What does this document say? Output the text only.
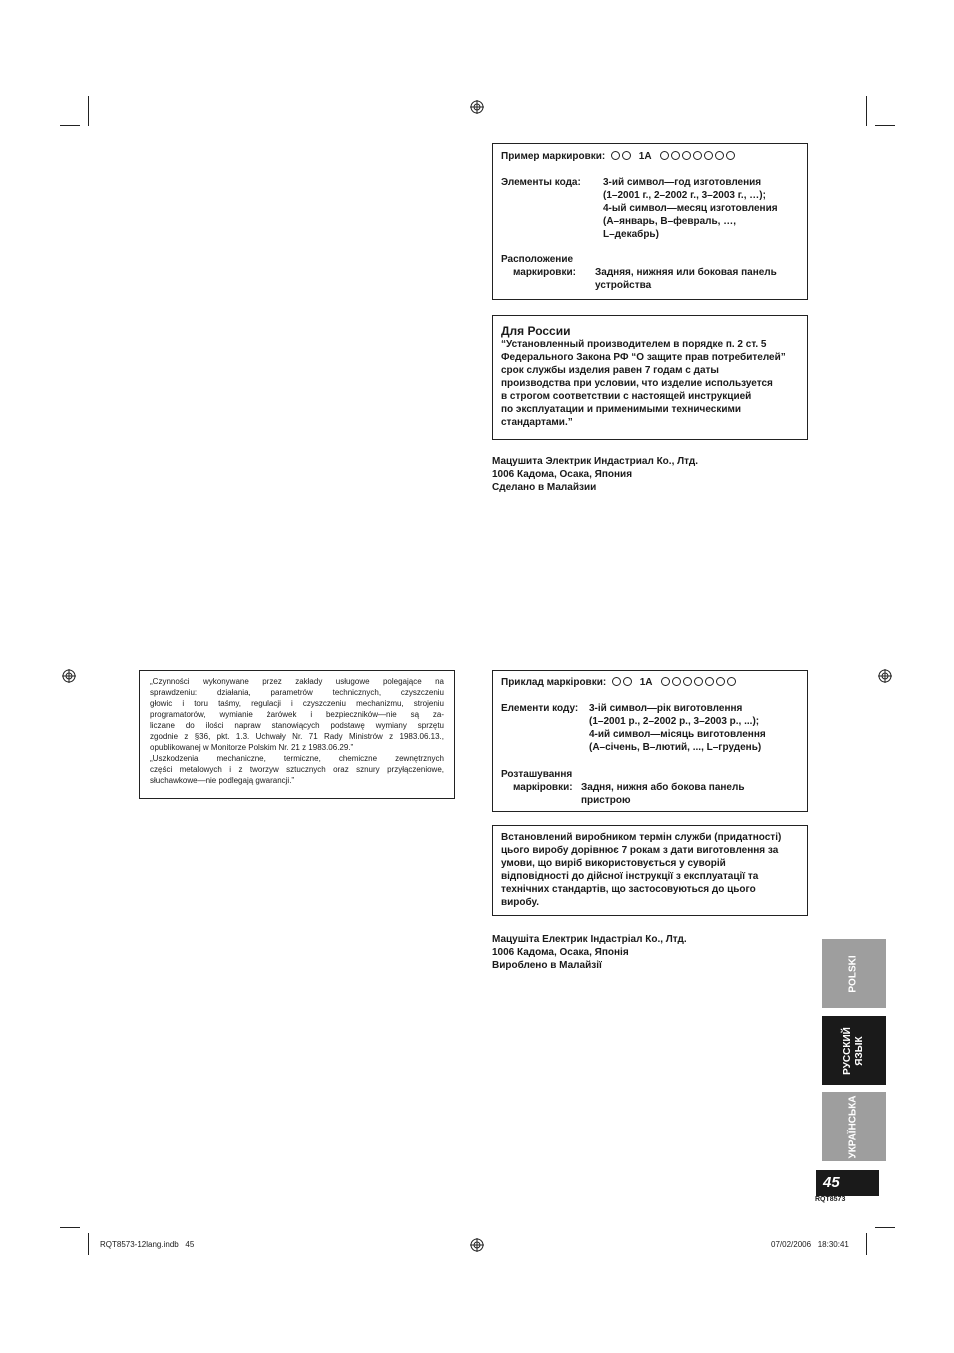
Пример маркировки:	1A
Элементы кода: 3-ий символ—год изготовления
(1–2001 г., 2–2002 г., 3–2003 г., …);
4-ый символ—месяц изготовления
(A–январь, B–февраль, …,
L–декабрь)
Расположение
маркировки: Задняя, нижняя или боковая панель
устройства
Для России
“Установленный производителем в порядке п. 2 ст. 5
Федерального Закона РФ “О защите прав потребителей”
срок службы изделия равен 7 годам с даты
производства при условии, что изделие используется
в строгом соответствии с настоящей инструкцией
по эксплуатации и применимыми техническими
стандартами.”
Мацушита Электрик Индастриал Ко., Лтд.
1006 Кадома, Осака, Япония
Сделано в Малайзии
„Czynności wykonywane przez zakłady usługowe polegające na
sprawdzeniu: działania, parametrów technicznych, czyszczeniu
głowic i toru taśmy, regulacji i czyszczeniu mechanizmu, strojeniu
programatorów, wymianie żarówek i bezpieczników—nie są za-
liczane do ilości napraw stanowiących podstawę wymiany sprzętu
zgodnie z §36, pkt. 1.3. Uchwały Nr. 71 Rady Ministrów z 1983.06.13.,
opublikowanej w Monitorze Polskim Nr. 21 z 1983.06.29.”
„Uszkodzenia mechaniczne, termiczne, chemiczne zewnętrznych
części metalowych i z tworzyw sztucznych oraz sznury przyłączeniowe,
słuchawkowe—nie podlegają gwarancji.”
Приклад маркіровки:	1A
Елементи коду: 3-ій символ—рік виготовлення
(1–2001 р., 2–2002 р., 3–2003 р., ...);
4-ий символ—місяць виготовлення
(A–січень, B–лютий, ..., L–грудень)
Розташування
маркіровки: Задня, нижня або бокова панель
пристрою
Встановлений виробником термін служби (придатності)
цього виробу дорівнює 7 рокам з дати виготовлення за
умови, що виріб використовується у суворій
відповідності до дійсної інструкції з експлуатації та
технічних стандартів, що застосовуються до цього
виробу.
Мацушіта Електрик Індастріал Ко., Лтд.
1006 Кадома, Осака, Японія
Вироблено в Малайзії	POLSKI
РУССКИЙ ЯЗЫК
УКРАЇНСЬКА
45
RQT8573
RQT8573-12lang.indb   45	07/02/2006   18:30:41
